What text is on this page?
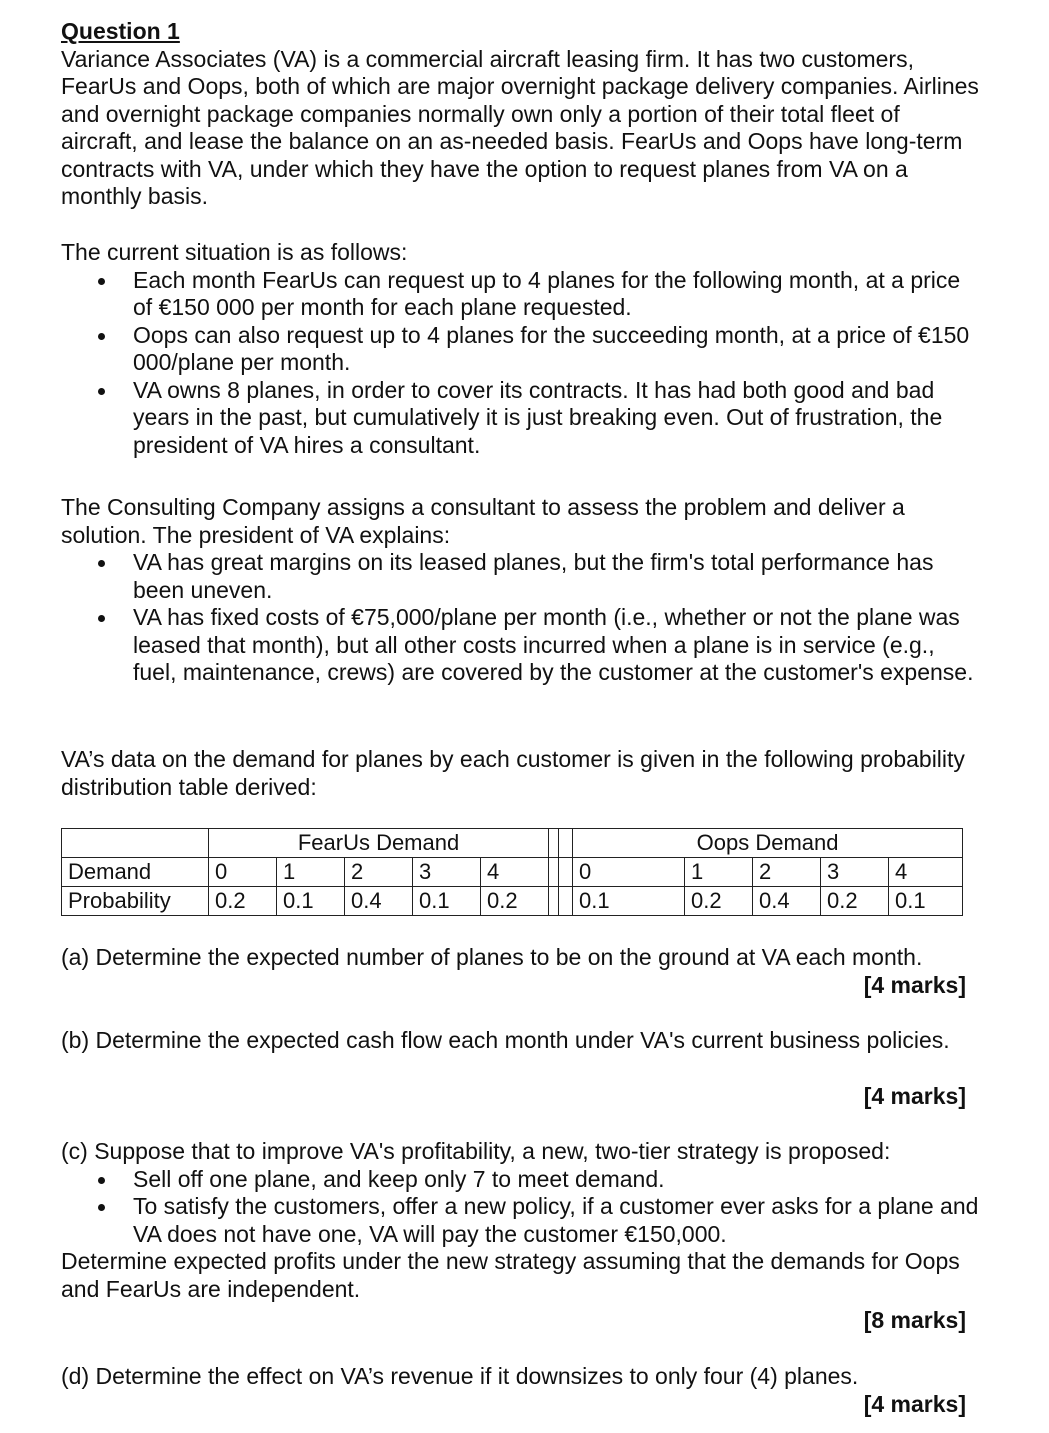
Question 1

Variance Associates (VA) is a commercial aircraft leasing firm. It has two customers, FearUs and Oops, both of which are major overnight package delivery companies. Airlines and overnight package companies normally own only a portion of their total fleet of aircraft, and lease the balance on an as-needed basis. FearUs and Oops have long-term contracts with VA, under which they have the option to request planes from VA on a monthly basis.

The current situation is as follows:

Each month FearUs can request up to 4 planes for the following month, at a price of €150 000 per month for each plane requested.
Oops can also request up to 4 planes for the succeeding month, at a price of €150 000/plane per month.
VA owns 8 planes, in order to cover its contracts. It has had both good and bad years in the past, but cumulatively it is just breaking even. Out of frustration, the president of VA hires a consultant.

The Consulting Company assigns a consultant to assess the problem and deliver a solution. The president of VA explains:

VA has great margins on its leased planes, but the firm's total performance has been uneven.
VA has fixed costs of €75,000/plane per month (i.e., whether or not the plane was leased that month), but all other costs incurred when a plane is in service (e.g., fuel, maintenance, crews) are covered by the customer at the customer's expense.

VA’s data on the demand for planes by each customer is given in the following probability distribution table derived:

	FearUs Demand							Oops Demand				
Demand	0	1	2	3	4			0	1	2	3	4
Probability	0.2	0.1	0.4	0.1	0.2			0.1	0.2	0.4	0.2	0.1

(a) Determine the expected number of planes to be on the ground at VA each month.

[4 marks]

(b) Determine the expected cash flow each month under VA's current business policies.

[4 marks]

(c) Suppose that to improve VA's profitability, a new, two-tier strategy is proposed:

Sell off one plane, and keep only 7 to meet demand.
To satisfy the customers, offer a new policy, if a customer ever asks for a plane and VA does not have one, VA will pay the customer €150,000.

Determine expected profits under the new strategy assuming that the demands for Oops and FearUs are independent.

[8 marks]

(d) Determine the effect on VA’s revenue if it downsizes to only four (4) planes.

[4 marks]
